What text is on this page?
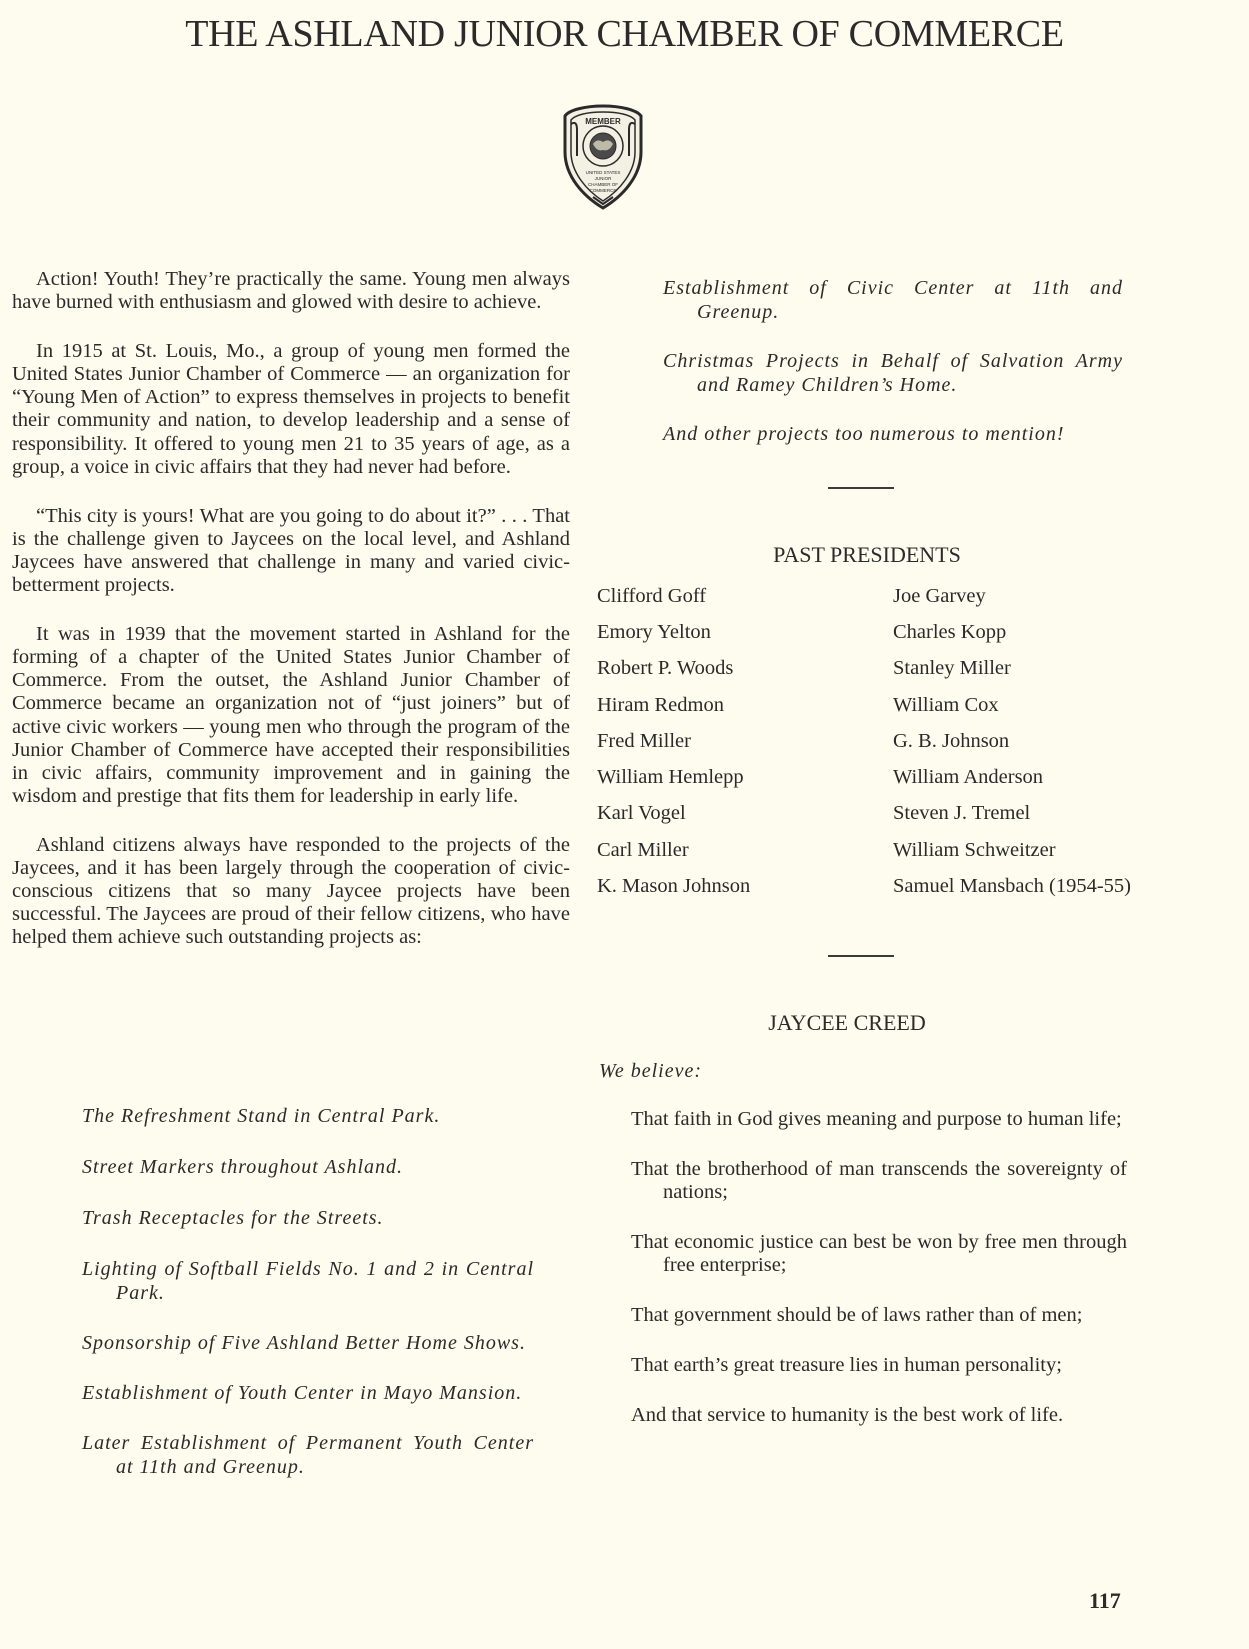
THE ASHLAND JUNIOR CHAMBER OF COMMERCE
MEMBER
UNITED STATES
JUNIOR
CHAMBER OF
COMMERCE

Action! Youth! They’re practically the same. Young men always have burned with enthusiasm and glowed with desire to achieve.

In 1915 at St. Louis, Mo., a group of young men formed the United States Junior Chamber of Commerce — an organization for “Young Men of Action” to express themselves in projects to benefit their community and nation, to develop leadership and a sense of responsibility. It offered to young men 21 to 35 years of age, as a group, a voice in civic affairs that they had never had before.

“This city is yours! What are you going to do about it?” . . . That is the challenge given to Jaycees on the local level, and Ashland Jaycees have answered that challenge in many and varied civic-betterment projects.

It was in 1939 that the movement started in Ashland for the forming of a chapter of the United States Junior Chamber of Commerce. From the outset, the Ashland Junior Chamber of Commerce became an organization not of “just joiners” but of active civic workers — young men who through the program of the Junior Chamber of Commerce have accepted their responsibilities in civic affairs, community improvement and in gaining the wisdom and prestige that fits them for leadership in early life.

Ashland citizens always have responded to the projects of the Jaycees, and it has been largely through the cooperation of civic-conscious citizens that so many Jaycee projects have been successful. The Jaycees are proud of their fellow citizens, who have helped them achieve such outstanding projects as:

The Refreshment Stand in Central Park.
Street Markers throughout Ashland.
Trash Receptacles for the Streets.
Lighting of Softball Fields No. 1 and 2 in Central Park.
Sponsorship of Five Ashland Better Home Shows.
Establishment of Youth Center in Mayo Mansion.
Later Establishment of Permanent Youth Center at 11th and Greenup.
Establishment of Civic Center at 11th and Greenup.
Christmas Projects in Behalf of Salvation Army and Ramey Children’s Home.
And other projects too numerous to mention!
PAST PRESIDENTS
Clifford Goff	Joe Garvey
Emory Yelton	Charles Kopp
Robert P. Woods	Stanley Miller
Hiram Redmon	William Cox
Fred Miller	G. B. Johnson
William Hemlepp	William Anderson
Karl Vogel	Steven J. Tremel
Carl Miller	William Schweitzer
K. Mason Johnson	Samuel Mansbach (1954-55)
JAYCEE CREED
We believe:
That faith in God gives meaning and purpose to human life;
That the brotherhood of man transcends the sovereignty of nations;
That economic justice can best be won by free men through free enterprise;
That government should be of laws rather than of men;
That earth’s great treasure lies in human personality;
And that service to humanity is the best work of life.
117
